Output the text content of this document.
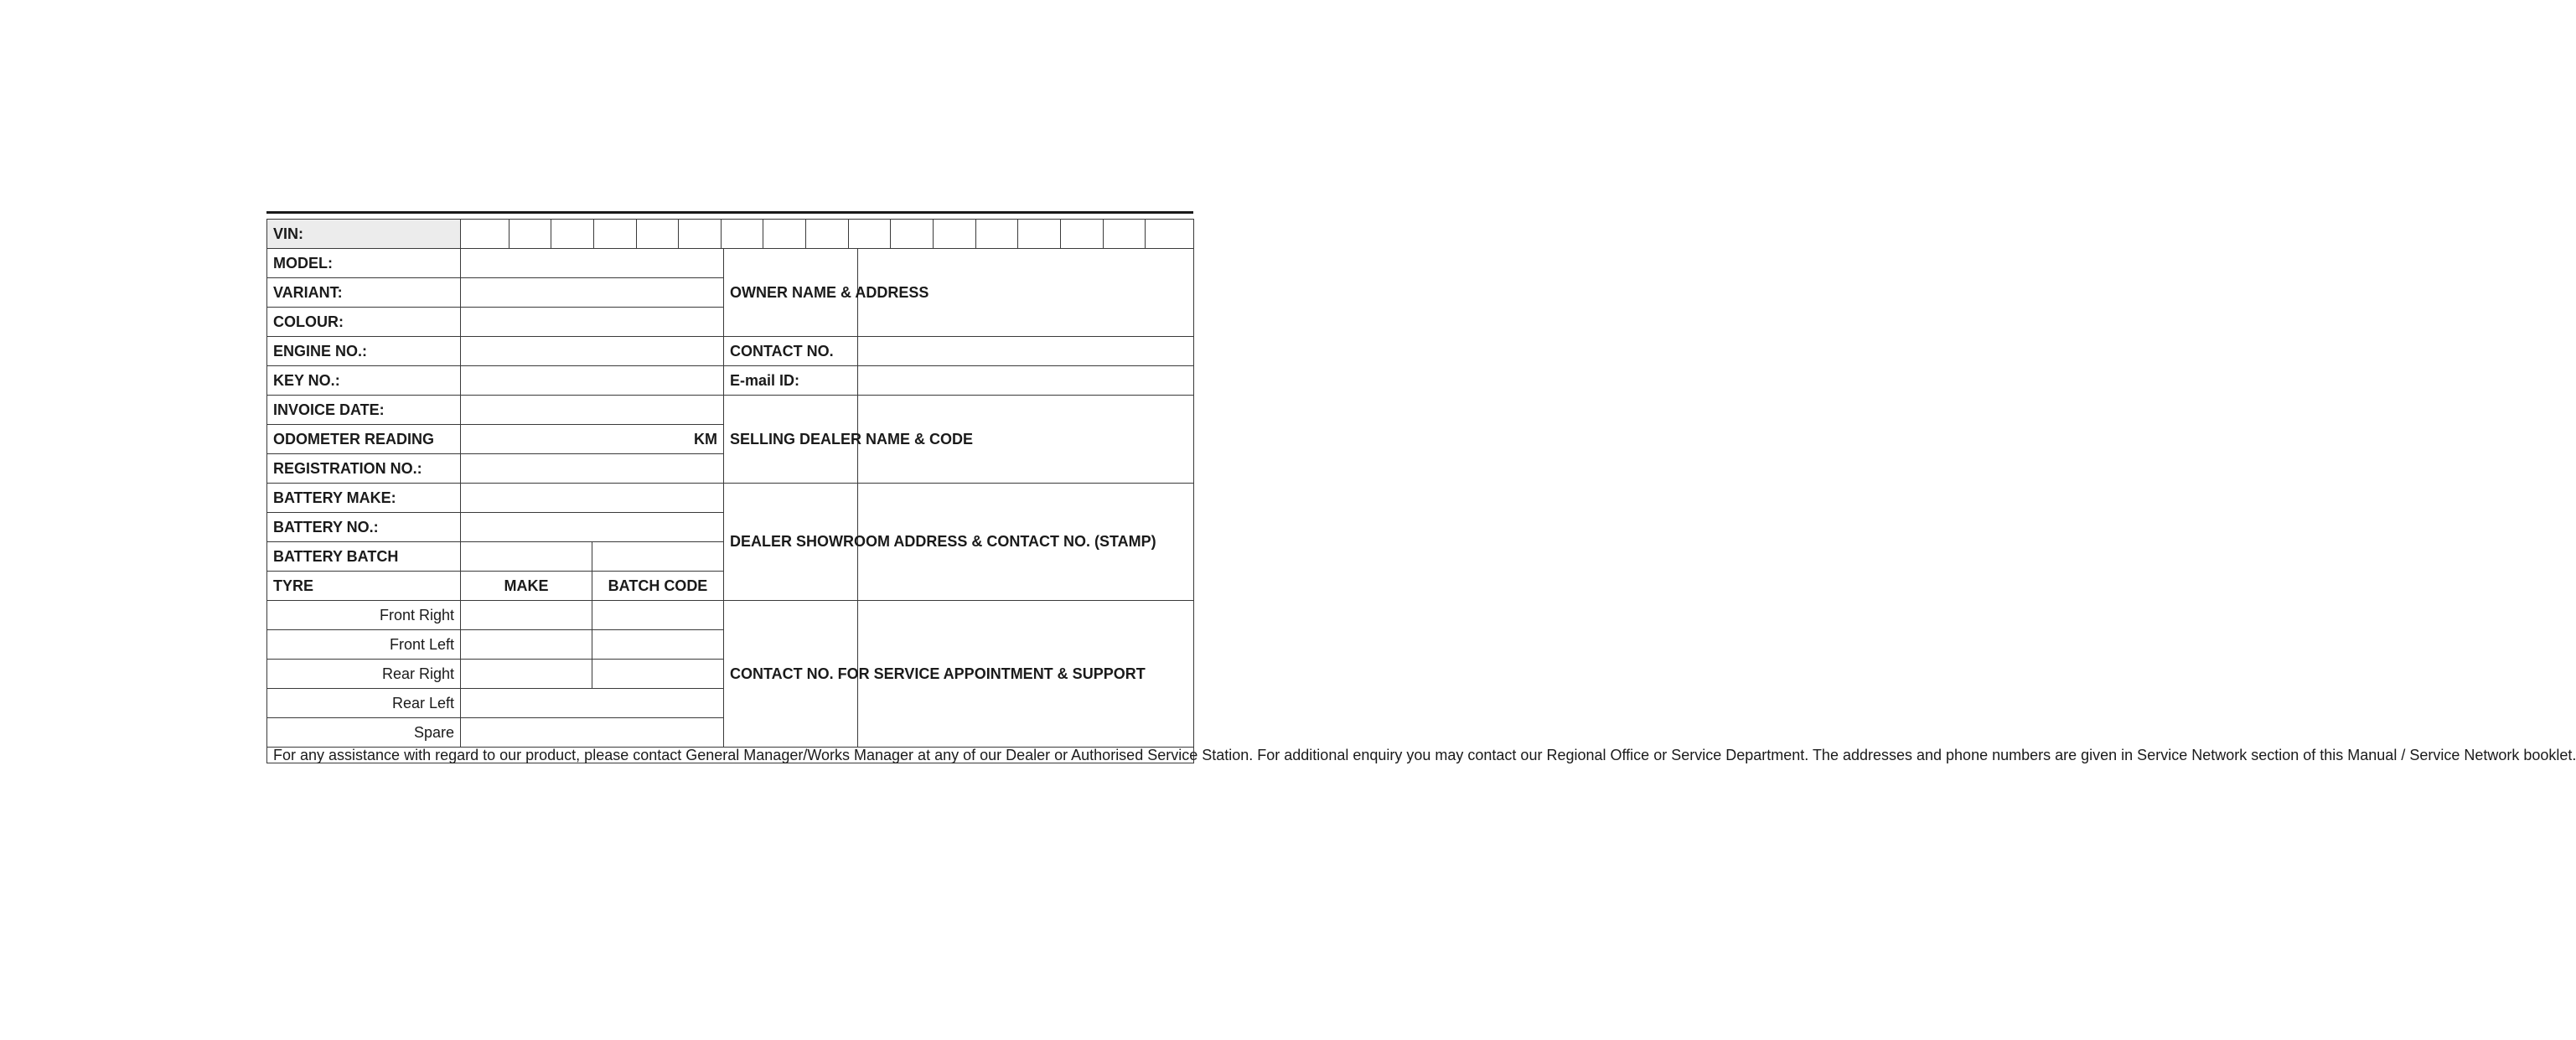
VIN:				

MODEL:			OWNER NAME & ADDRESS	
VARIANT:				
COLOUR:				
ENGINE NO.:			CONTACT NO.	
KEY NO.:			E-mail ID:	
INVOICE DATE:			SELLING DEALER NAME & CODE	
ODOMETER READING	KM			
REGISTRATION NO.:				
BATTERY MAKE:			DEALER SHOWROOM ADDRESS & CONTACT NO. (STAMP)	
BATTERY NO.:				
BATTERY BATCH				
TYRE	MAKE	BATCH CODE		
Front Right			CONTACT NO. FOR SERVICE APPOINTMENT & SUPPORT	
Front Left				
Rear Right				
Rear Left				
Spare				
For any assistance with regard to our product, please contact General Manager/Works Manager at any of our Dealer or Authorised Service Station. For additional enquiry you may contact our Regional Office or Service Department. The addresses and phone numbers are given in Service Network section of this Manual / Service Network booklet.				
